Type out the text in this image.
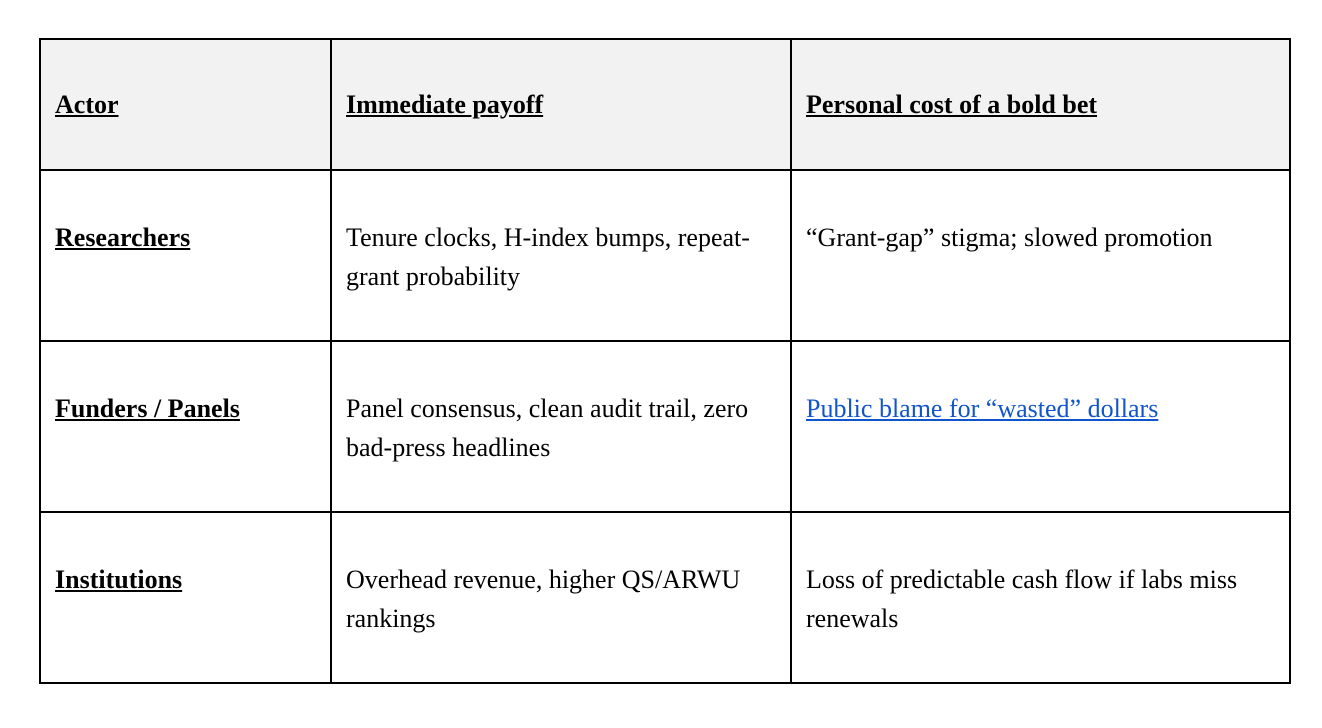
Actor	Immediate payoff	Personal cost of a bold bet
Researchers	Tenure clocks, H-index bumps, repeat-grant probability	“Grant-gap” stigma; slowed promotion
Funders / Panels	Panel consensus, clean audit trail, zero bad-press headlines	Public blame for “wasted” dollars
Institutions	Overhead revenue, higher QS/ARWU rankings	Loss of predictable cash flow if labs miss renewals
